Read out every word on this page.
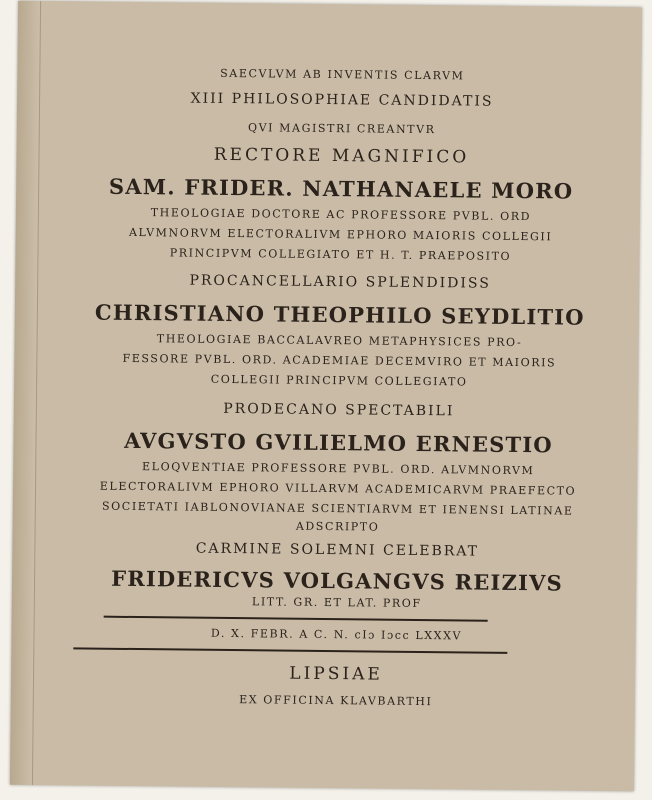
SAECVLVM AB INVENTIS CLARVM
XIII PHILOSOPHIAE CANDIDATIS
QVI MAGISTRI CREANTVR
RECTORE MAGNIFICO
SAM. FRIDER. NATHANAELE MORO
THEOLOGIAE DOCTORE AC PROFESSORE PVBL. ORD
ALVMNORVM ELECTORALIVM EPHORO MAIORIS COLLEGII
PRINCIPVM COLLEGIATO ET H. T. PRAEPOSITO
PROCANCELLARIO SPLENDIDISS
CHRISTIANO THEOPHILO SEYDLITIO
THEOLOGIAE BACCALAVREO METAPHYSICES PRO-
FESSORE PVBL. ORD. ACADEMIAE DECEMVIRO ET MAIORIS
COLLEGII PRINCIPVM COLLEGIATO
PRODECANO SPECTABILI
AVGVSTO GVILIELMO ERNESTIO
ELOQVENTIAE PROFESSORE PVBL. ORD. ALVMNORVM
ELECTORALIVM EPHORO VILLARVM ACADEMICARVM PRAEFECTO
SOCIETATI IABLONOVIANAE SCIENTIARVM ET IENENSI LATINAE
ADSCRIPTO
CARMINE SOLEMNI CELEBRAT
FRIDERICVS VOLGANGVS REIZIVS
LITT. GR. ET LAT. PROF
D. X. FEBR. A C. N. cIɔ Iɔcc LXXXV
LIPSIAE
EX OFFICINA KLAVBARTHI
